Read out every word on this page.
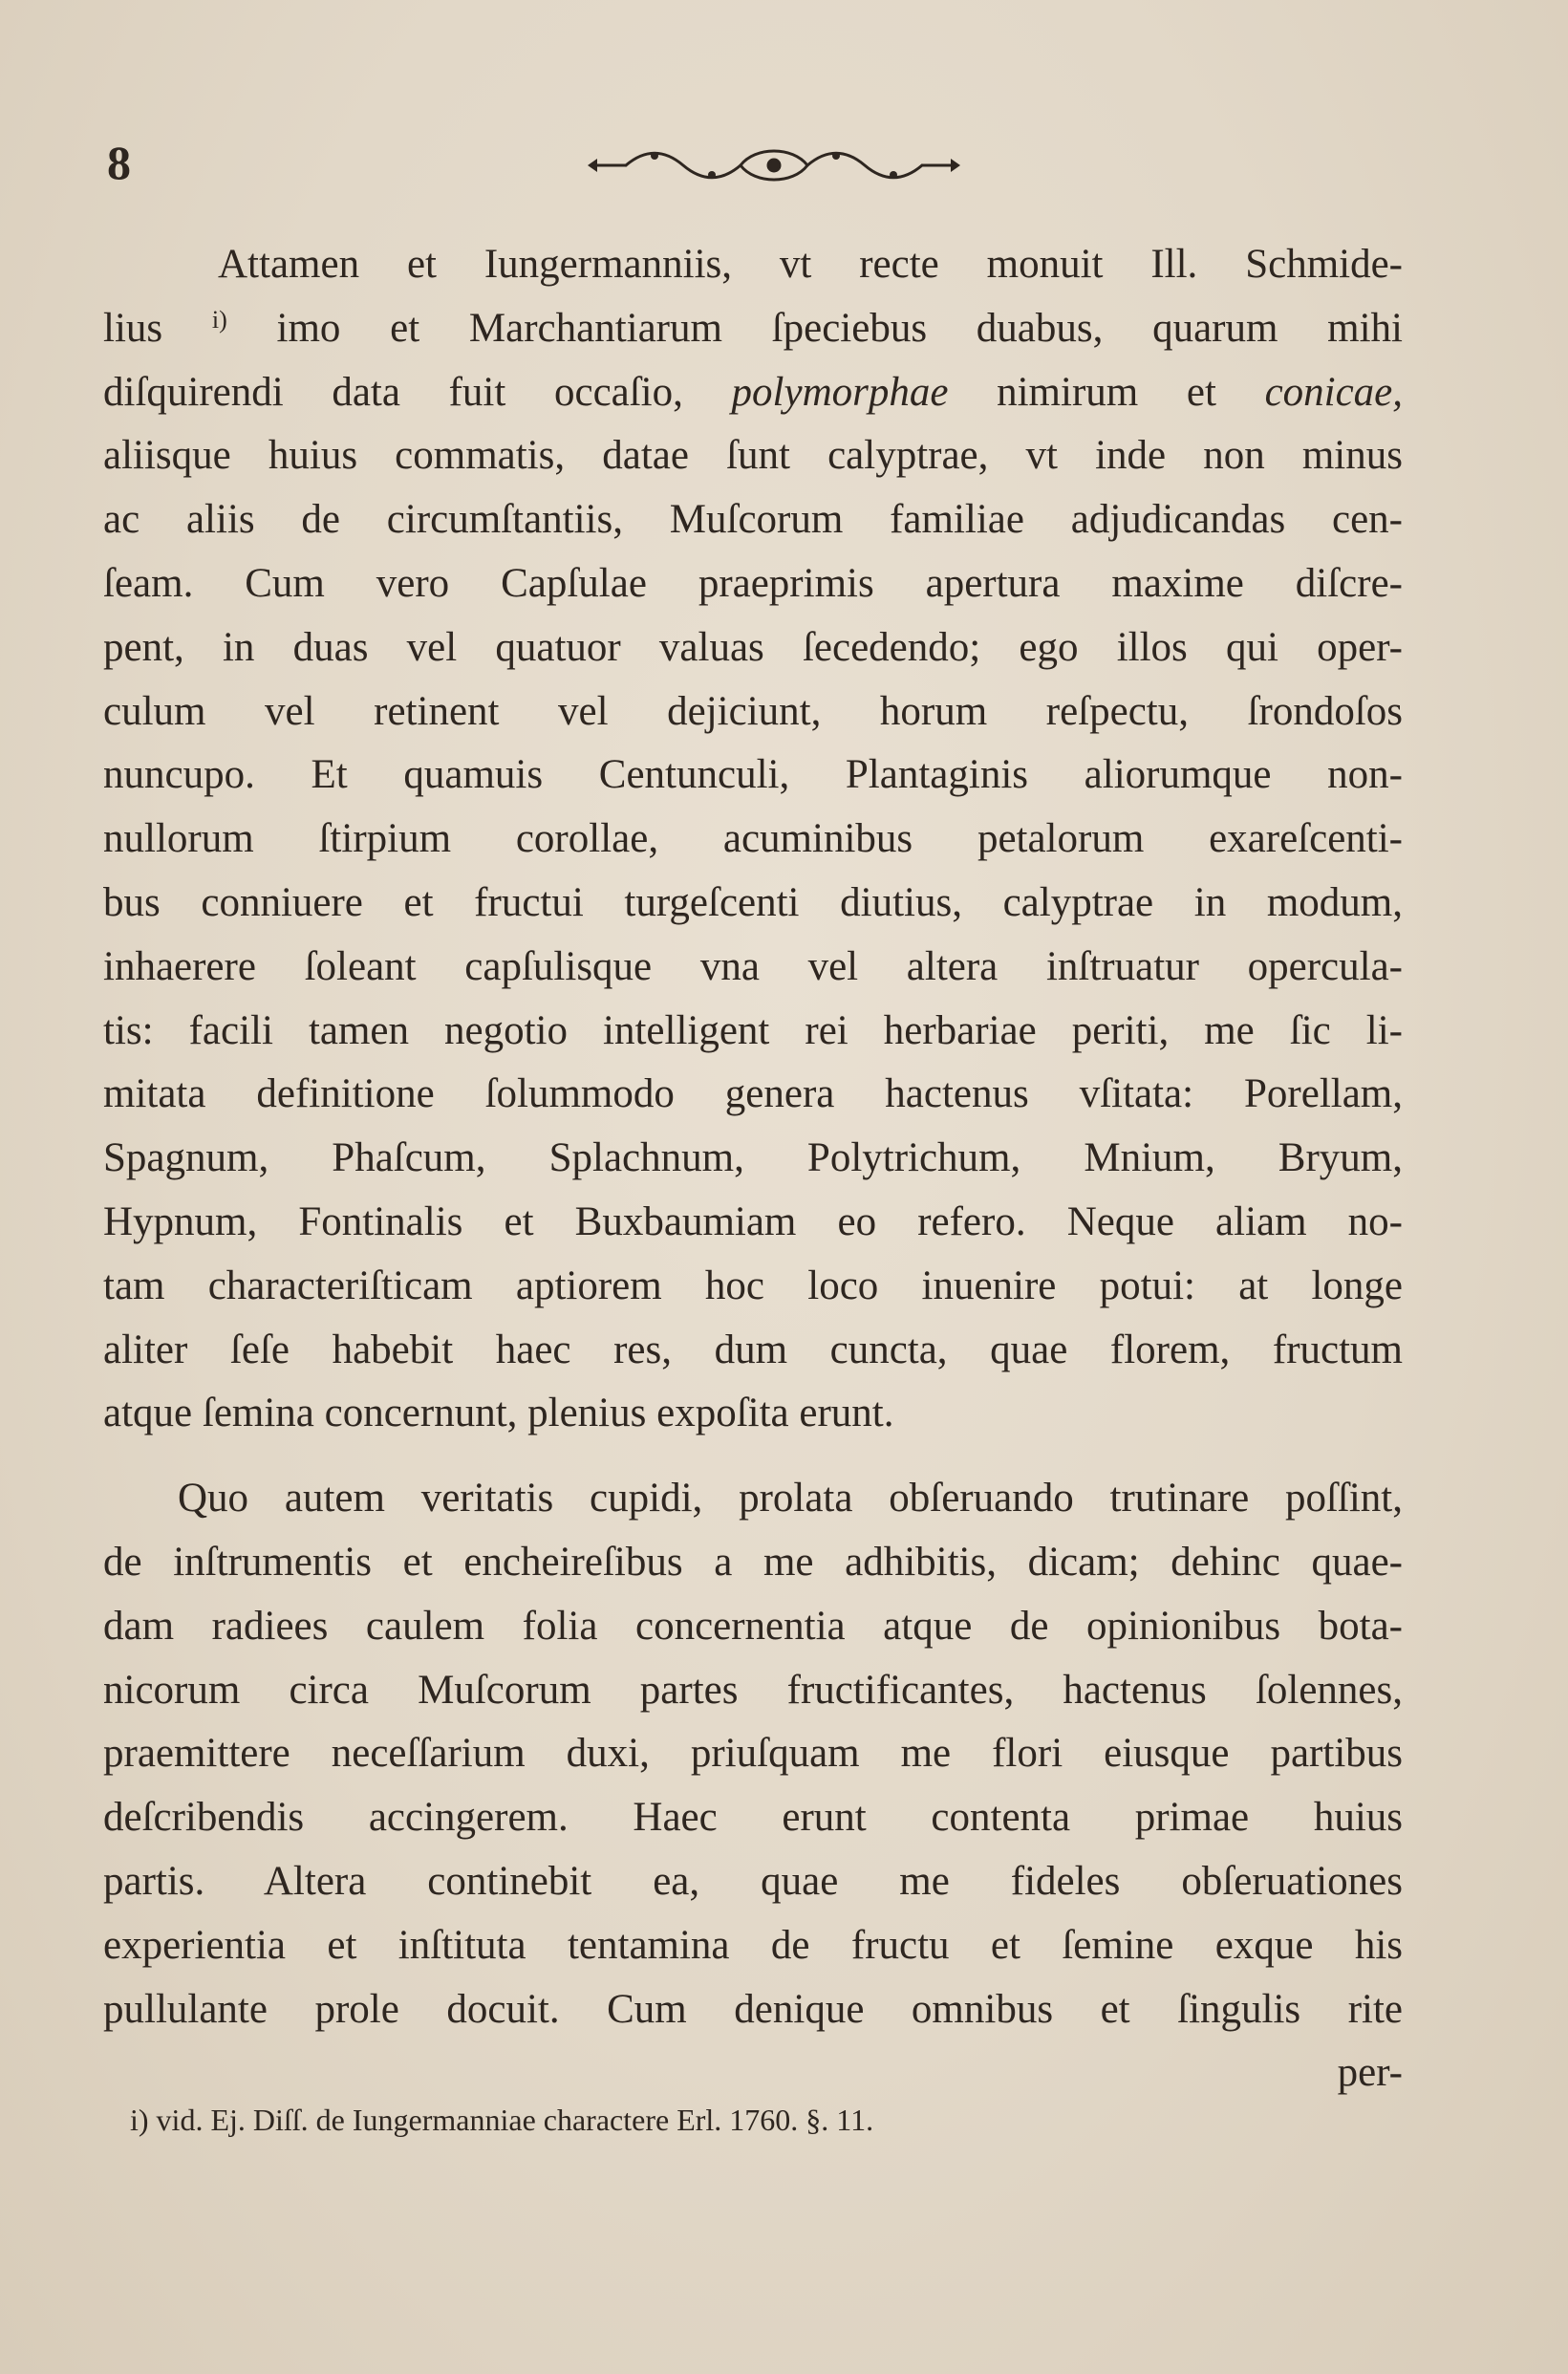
8

Attamen et Iungermanniis, vt recte monuit Ill. Schmide-
lius $^{i)}$ imo et Marchantiarum ſpeciebus duabus, quarum mihi
diſquirendi data fuit occaſio, polymorphae nimirum et conicae,
aliisque huius commatis, datae ſunt calyptrae, vt inde non minus
ac aliis de circumſtantiis, Muſcorum familiae adjudicandas cen-
ſeam. Cum vero Capſulae praeprimis apertura maxime diſcre-
pent, in duas vel quatuor valuas ſecedendo; ego illos qui oper-
culum vel retinent vel dejiciunt, horum reſpectu, ſrondoſos
nuncupo. Et quamuis Centunculi, Plantaginis aliorumque non-
nullorum ſtirpium corollae, acuminibus petalorum exareſcenti-
bus conniuere et fructui turgeſcenti diutius, calyptrae in modum,
inhaerere ſoleant capſulisque vna vel altera inſtruatur opercula-
tis: facili tamen negotio intelligent rei herbariae periti, me ſic li-
mitata definitione ſolummodo genera hactenus vſitata: Porellam,
Spagnum, Phaſcum, Splachnum, Polytrichum, Mnium, Bryum,
Hypnum, Fontinalis et Buxbaumiam eo refero. Neque aliam no-
tam characteriſticam aptiorem hoc loco inuenire potui: at longe
aliter ſeſe habebit haec res, dum cuncta, quae florem, fructum
atque ſemina concernunt, plenius expoſita erunt.

Quo autem veritatis cupidi, prolata obſeruando trutinare poſſint,
de inſtrumentis et encheireſibus a me adhibitis, dicam; dehinc quae-
dam radiees caulem folia concernentia atque de opinionibus bota-
nicorum circa Muſcorum partes fructificantes, hactenus ſolennes,
praemittere neceſſarium duxi, priuſquam me flori eiusque partibus
deſcribendis accingerem. Haec erunt contenta primae huius
partis. Altera continebit ea, quae me fideles obſeruationes
experientia et inſtituta tentamina de fructu et ſemine exque his
pullulante prole docuit. Cum denique omnibus et ſingulis rite
per-

i) vid. Ej. Diſſ. de Iungermanniae charactere Erl. 1760. §. 11.
